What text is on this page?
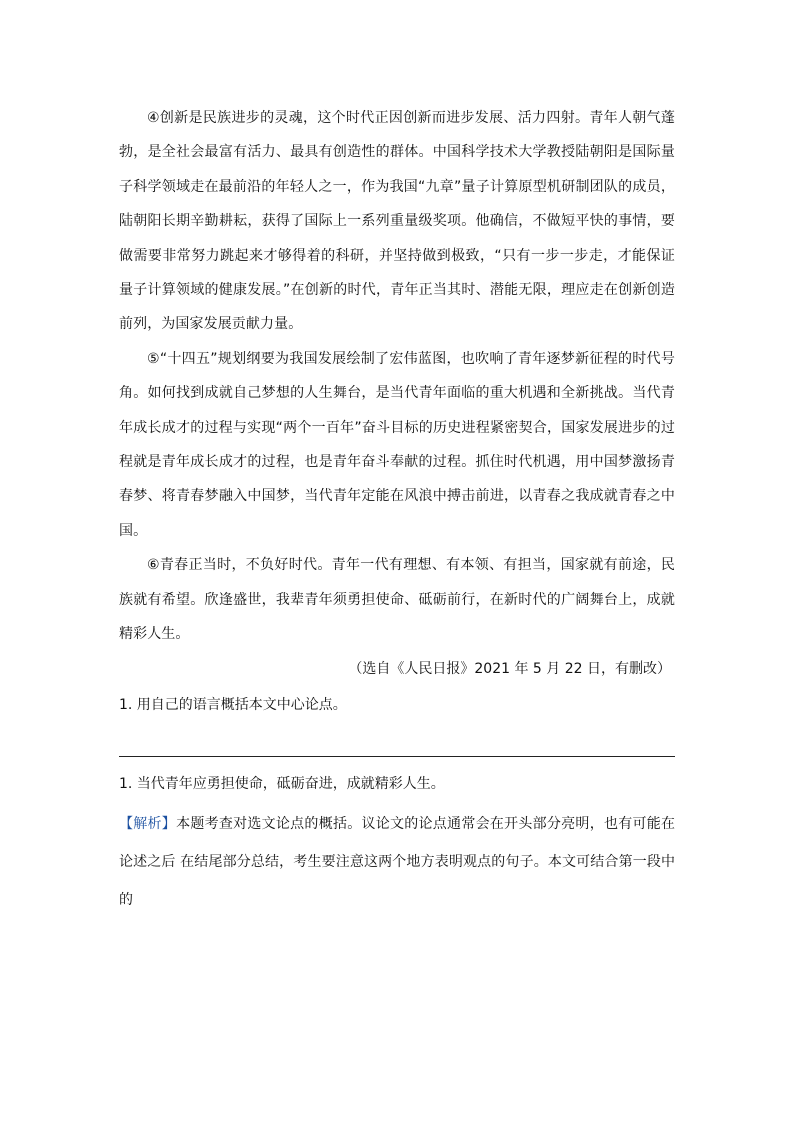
④创新是民族进步的灵魂，这个时代正因创新而进步发展、活力四射。青年人朝气蓬勃，是全社会最富有活力、最具有创造性的群体。中国科学技术大学教授陆朝阳是国际量子科学领域走在最前沿的年轻人之一，作为我国“九章”量子计算原型机研制团队的成员，陆朝阳长期辛勤耕耘，获得了国际上一系列重量级奖项。他确信，不做短平快的事情，要做需要非常努力跳起来才够得着的科研，并坚持做到极致，“只有一步一步走，才能保证量子计算领域的健康发展。”在创新的时代，青年正当其时、潜能无限，理应走在创新创造前列，为国家发展贡献力量。

⑤“十四五”规划纲要为我国发展绘制了宏伟蓝图，也吹响了青年逐梦新征程的时代号角。如何找到成就自己梦想的人生舞台，是当代青年面临的重大机遇和全新挑战。当代青年成长成才的过程与实现“两个一百年”奋斗目标的历史进程紧密契合，国家发展进步的过程就是青年成长成才的过程，也是青年奋斗奉献的过程。抓住时代机遇，用中国梦激扬青春梦、将青春梦融入中国梦，当代青年定能在风浪中搏击前进，以青春之我成就青春之中国。

⑥青春正当时，不负好时代。青年一代有理想、有本领、有担当，国家就有前途，民族就有希望。欣逢盛世，我辈青年须勇担使命、砥砺前行，在新时代的广阔舞台上，成就精彩人生。

（选自《人民日报》2021 年 5 月 22 日，有删改）

1. 用自己的语言概括本文中心论点。

1. 当代青年应勇担使命，砥砺奋进，成就精彩人生。

【解析】本题考查对选文论点的概括。议论文的论点通常会在开头部分亮明，也有可能在论述之后 在结尾部分总结，考生要注意这两个地方表明观点的句子。本文可结合第一段中的
